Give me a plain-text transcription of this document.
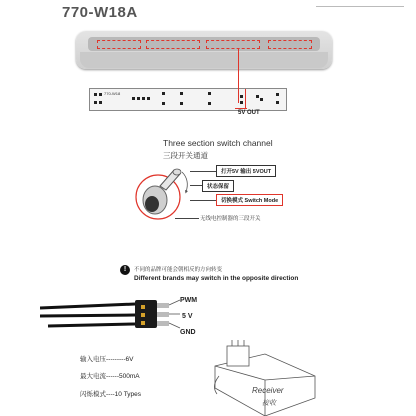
770-W18A
770-W18
5V OUT
Three section switch channel
三段开关通道
打开5V 输出 5VOUT
状态保留
切换模式 Switch Mode
无线电控制器的三段开关
!	不同的品牌可能会朝相反的方向转变
Different brands may switch in the opposite direction
PWM
5 V
GND
输入电压---------6V
最大电流------500mA
闪烁模式----10 Types	Receiver
接收
